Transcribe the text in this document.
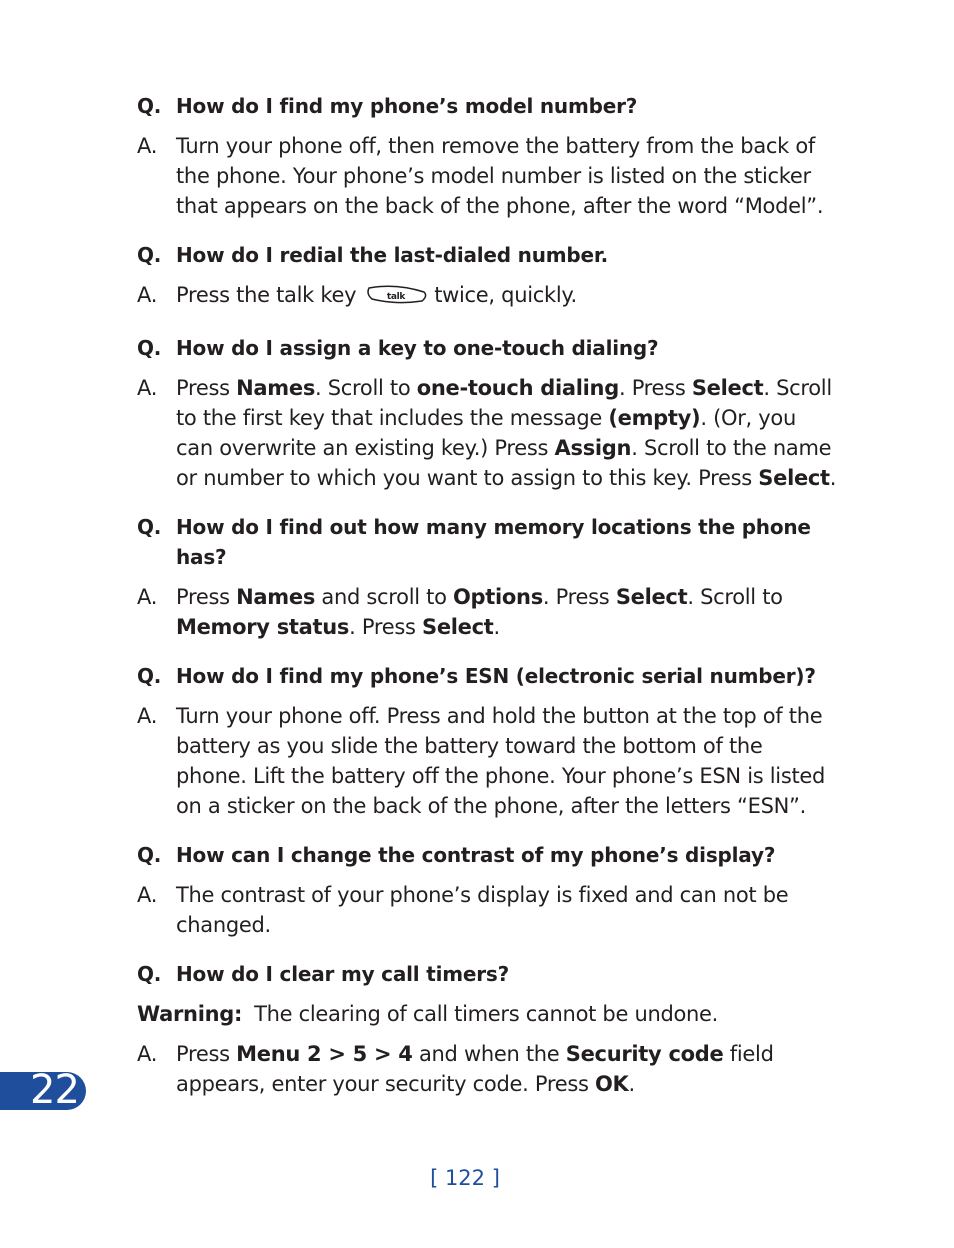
Q. How do I find my phone’s model number?
A. Turn your phone off, then remove the battery from the back of the phone. Your phone’s model number is listed on the sticker that appears on the back of the phone, after the word “Model”.
Q. How do I redial the last-dialed number.
A. Press the talk key	talk twice, quickly.
Q. How do I assign a key to one-touch dialing?
A. Press Names. Scroll to one-touch dialing. Press Select. Scroll to the first key that includes the message (empty). (Or, you can overwrite an existing key.) Press Assign. Scroll to the name or number to which you want to assign to this key. Press Select.
Q. How do I find out how many memory locations the phone has?
A. Press Names and scroll to Options. Press Select. Scroll to Memory status. Press Select.
Q. How do I find my phone’s ESN (electronic serial number)?
A. Turn your phone off. Press and hold the button at the top of the battery as you slide the battery toward the bottom of the phone. Lift the battery off the phone. Your phone’s ESN is listed on a sticker on the back of the phone, after the letters “ESN”.
Q. How can I change the contrast of my phone’s display?
A. The contrast of your phone’s display is fixed and can not be changed.
Q. How do I clear my call timers?
Warning: The clearing of call timers cannot be undone.
A. Press Menu 2 > 5 > 4 and when the Security code field appears, enter your security code. Press OK.
22
[ 122 ]
